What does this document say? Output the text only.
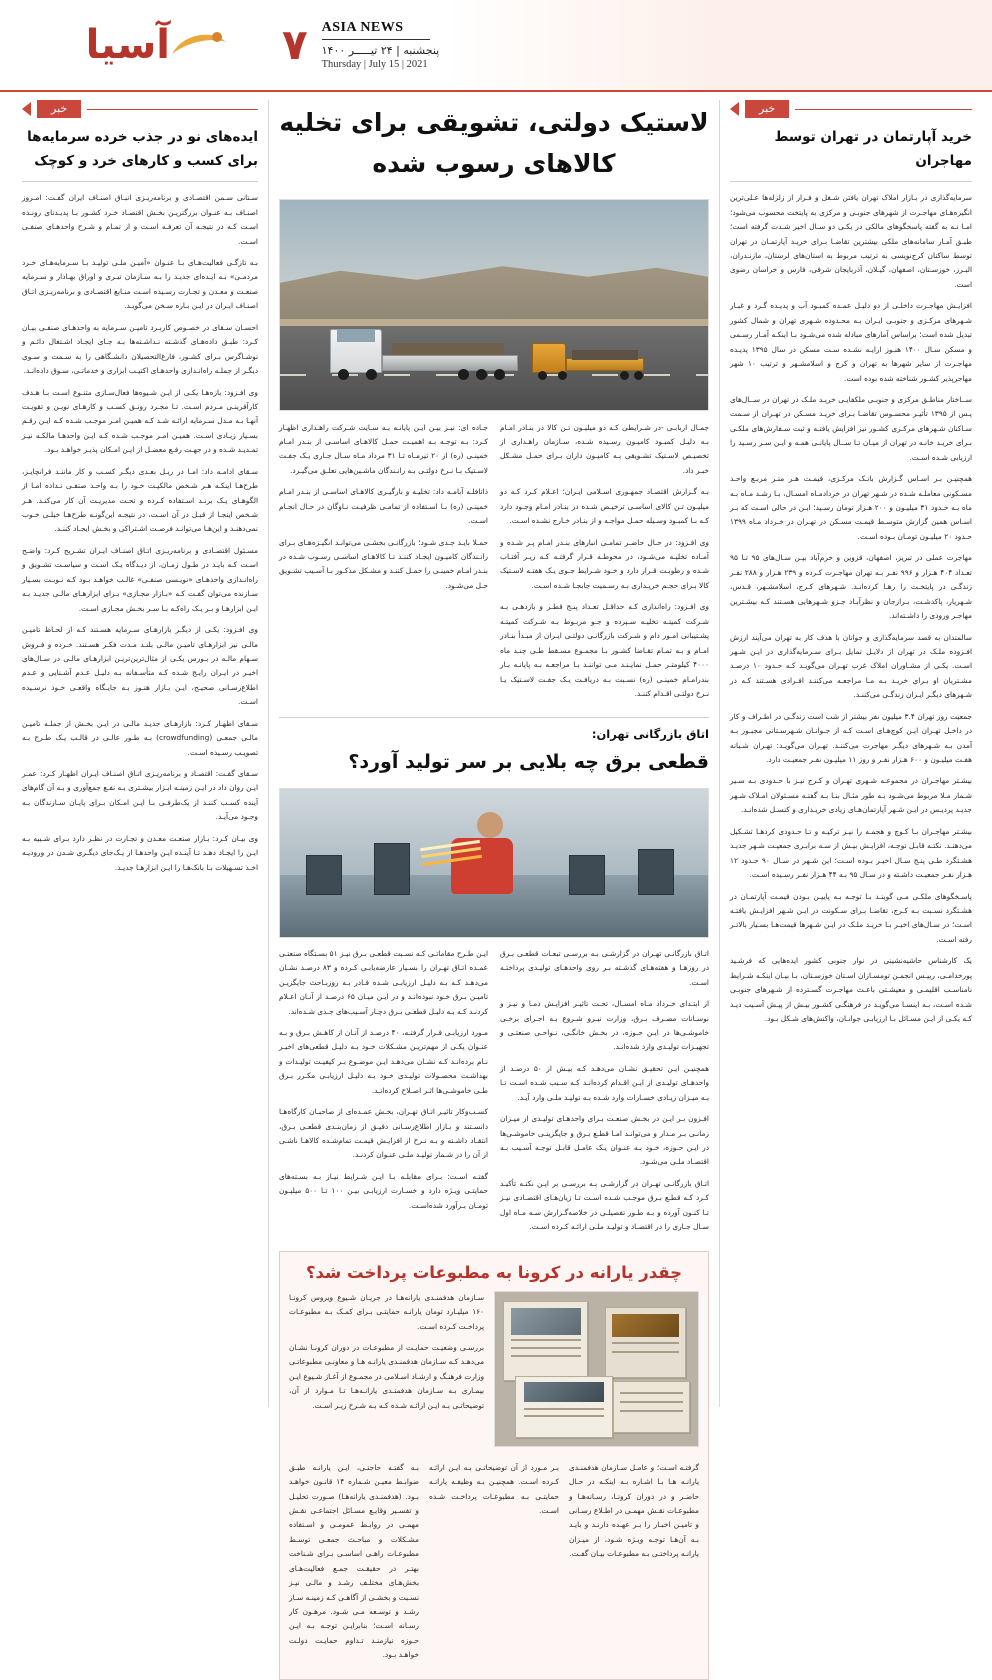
آسیا	۷ ASIA NEWS
پنجشنبه | ۲۴ تیـــــر ۱۴۰۰
Thursday | July 15 | 2021
خبر
خرید آپارتمان در تهران توسط مهاجران

سرمایه‌گذاری در بـازار املاک تهران یافتن شـغل و فـرار از زلزله‌ها عـلی‌ترین انگیزه‌هـای مهاجـرت از شهرهای جنوبـی و مرکزی به پایتخت محسوب می‌شود؛ امـا نـه به گفته پاسخگوهای مالکی در یکـی دو سـال اخیر شـدت گرفته است؛ طبـق آمـار سامانه‌های ملکی بیشترین تقاضـا بـرای خریـد آپارتمـان در تهران توسط ساکنان کرج‌نویسی به ترتیب مربوط به استان‌های لرستان، مازنـدران، البـرز، خوزسـتان، اصفهان، گیـلان، آذربایجان شرقی، فارس و خراسان رضوی است.

افزایـش مهاجـرت داخلـی از دو دلیـل عمـده کمبـود آب و پدیـده گـرد و غبـار شـهرهای مرکـزی و جنوبـی ایـران بـه محـدوده شـهری تهران و شمال کشور تبدیل شده است؛ براساس آمارهای مبادله شده می‌شـود بـا اینکـه آمـار رسـمی و مسکن سـال ۱۴۰۰ هنـوز ارایـه نشـده سـت مسکن در سال ۱۳۹۵ پدیـده مهاجـرت از سایر شهرها به تهران و کرج و اسلامشـهر و ترتیب ۱۰ شهر مهاجرپذیر کشـور شناخته شده بوده است.

ســاختار مناطـق مرکزی و جنوبـی ملکفایـی خریـد ملـک در تهران در ســال‌های پـس از ۱۳۹۵ تأثیـر محسـوس تقاضـا بـرای خریـد مسـکن در تهـران از سـمت سـاکنان شـهرهای مرکـزی کشـور نیز افزایش یافتـه و ثبت سـفارش‌های ملکـی بـرای خریـد خانـه در تهران از میـان تـا ســال پایانـی همـه و ایـن سـر رسـید را ارزیابی شـده اسـت.

همچنیـن بـر اسـاس گـزارش بانـک مرکـزی، قیمـت هـر متـر مربـع واحـد مسـکونی معاملـه شـده در شـهر تهران در خردادمـاه امسـال، بـا رشـد مـاه بـه ماه بـه حـدود ۳۱ میلیـون و ۲۰۰ هـزار تومان رسـید؛ ایـن در حالی اسـت که بـر اسـاس همین گزارش متوسـط قیمـت مسـکن در تهـران در خـرداد مـاه ۱۳۹۹ حـدود ۲۰ میلیـون تومـان بـوده اسـت.

مهاجرت عملی در تبریز، اصفهان، قزوین و خرم‌آباد بیـن سـال‌های ۹۵ تـا ۹۵ تعـداد ۴۰۴ هـزار و ۹۹۶ نفـر بـه تهران مهاجـرت کـرده و ۲۳۹ هـزار و ۲۸۸ نفـر زندگـی در پایتخـت را رهـا کرده‌انـد. شـهرهای کـرج، اسلامشـهر، قـدس، شـهریار، پاکدشـت، بـرازجان و نظرآبـاد جـزو شـهرهایی هسـتند کـه بیشـترین مهاجـر ورودی را داشـته‌اند.

سالمندان به قصد سرمایه‌گذاری و جوانان با هدف کار به تهران می‌آیند ارزش افـزوده ملـک در تهران از دلایـل تمایل بـرای سـرمایه‌گذاری در ایـن شـهر اسـت. یکـی از مشـاوران املاک غرب تهـران می‌گویـد کـه حـدود ۱۰ درصـد مشـتریان او بـرای خریـد بـه مـا مراجعـه می‌کننـد افـرادی هسـتند کـه در شـهرهای دیگـر ایـران زندگـی می‌کننـد.

جمعیت روز تهران ۳.۴ میلیون نفر بیشتر از شب است زندگـی در اطـراف و کار در داخـل تهـران ایـن کوچ‌هـای اسـت کـه از جـوانـان شـهرسـتانی مجبـور بـه آمدن بـه شـهرهای دیگـر مهاجرت می‌کننـد. تهـران می‌گویـد: تهـران شـبانه هفـت میلیـون و ۶۰۰ هـزار نفـر و روز ۱۱ میلیـون نفـر جمعیـت دارد.

بیشـتر مهاجـران در مجموعـه شـهری تهـران و کـرج نیـز با حـدودی بـه سـیر شـمار مـلا مربوط می‌شـود بـه طور مثـال بنـا بـه گفتـه مسـئولان امـلاک شـهر جدیـد پردیـس در ایـن شـهر آپارتمان‌هـای زیادی خریـداری و کنسـل شده‌انـد.

بیشـتر مهاجـران بـا کـوچ و هجمـه را نیـز ترکیـه و تـا حـدودی کردهـا تشـکیل می‌دهنـد. نکتـه قابـل توجـه، افزایـش بیـش از سـه برابـری جمعیـت شـهر جدیـد هشـتگرد طـی پنـج سـال اخیـر بـوده اسـت؛ این شـهر در سـال ۹۰ حـدود ۱۲ هـزار نفـر جمعیـت داشـته و در سـال ۹۵ بـه ۴۴ هـزار نفـر رسـیده اسـت.

پاسـخگو‌های ملکـی مـی گوینـد بـا توجـه بـه پاییـن بـودن قیمـت آپارتمـان در هشـتگرد نسـبت بـه کـرج، تقاضـا بـرای سـکونت در ایـن شـهر افزایـش یافتـه اسـت؛ در سـال‌های اخیـر بـا خریـد ملـک در ایـن شـهرها قیمت‌هـا بسـیار بالاتـر رفته اسـت.

یک کارشناس حاشیه‌نشینی در نوار جنوبی کشور ایده‌هایی که فرشـید پورخدامـی، رییـس انجمـن تومسـازان اسـتان خوزسـتان، بـا بیـان اینکـه شـرایط نامناسـب اقلیمـی و معیشـتی باعـث مهاجـرت گسـترده از شـهرهای جنوبـی شـده اسـت، بـه اینسـا می‌گویـد در فرهنگـی کشـور بیـش از پیـش آسـیب دیـد کـه یکـی از ایـن مسـائل بـا ارزیابـی جوانـان، واکنش‌های شـکل بـود.

لاستیک دولتی، تشویقی برای تخلیه کالاهای رسوب شده

جمـال اربابـی -در شـرایطی کـه دو میلیـون تـن کالا در بنـادر امـام بـه دلیـل کمبـود کامیـون رسـیده شـده، سـازمان راهـداری از تخصیـص لاسـتیک تشـویقی بـه کامیـون داران بـرای حمـل مشـکل خبـر داد.

بـه گـزارش اقتصـاد جمهـوری اسـلامی ایـران؛ اعـلام کـرد کـه دو میلیـون تـن کالای اساسـی ترخیـص شـده در بنـادر امـام وجـود دارد کـه بـا کمبـود وسـیله حمـل مواجـه و از بنـادر خـارج نشـده اسـت.

وی افـزود: در حـال حاضـر تمامـی انبارهای بنـدر امـام پـر شـده و آمـاده تخلیـه می‌شـود، در محوطـه قـرار گرفتـه کـه زیـر آفتـاب شـده و رطوبـت قـرار دارد و خـود شـرایط جـوی یـک هفتـه لاسـتیک کالا بـرای حجـم خریـداری بـه رسـمیت جابجـا شـده اسـت.

وی افـزود: راه‌اندازی کـه حداقـل تعـداد پنـج قطـر و بازدهـی بـه شـرکت کمیتـه تخلیـه سـپرده و جـو مربـوط بـه شـرکت کمیتـه پشـتیبانی امـور دام و شـرکت بازرگانـی دولتـی ایـران از مبـدأ بنـادر امـام و بـه تمـام تقـاضا کشـور بـا مجمـوع مسـقط طـی چنـد ماه ۴۰۰۰ کیلومتـر حمـل نمایـنـد مـی تواننـد بـا مراجعـه بـه پایانـه بـار بندرامـام خمینـی (ره) نسـبت بـه دریافـت یـک جفـت لاسـتیک یـا نـرخ دولتـی اقـدام کننـد.

جـاده ای: نیـز بیـن ایـن پایانـه بـه سـایت شـرکت راهـداری اظهـار کـرد: بـه توجـه بـه اهمیـت حمـل کالاهـای اساسـی از بنـدر امـام خمینـی (ره) از ۲۰ تیرمـاه تـا ۳۱ مرداد مـاه سـال جـاری یـک جفـت لاسـتیک بـا نـرخ دولتـی بـه رانـندگان ماشـین‌هایی تعلـق می‌گیـرد.

ذاتافلـه آبامـه داد: تخلیـه و بارگیـری کالاهـای اساسـی از بنـدر امـام خمینـی (ره) بـا اسـتفاده از تمامـی ظرفیـت نـاوگان در حـال انجـام اسـت.

حمـلا بایـد جـدی شـود؛ بازرگانـی بخشـی می‌توانـد انگیـزه‌هـای بـرای رانـندگان کامیـون ایجـاد کننـد تـا کالاهـای اساسـی رسـوب شـده در بنـدر امـام خمینـی را حمـل کننـد و مشـکل مذکـور بـا آسـیب تشـویق حـل می‌شـود.

اتاق بازرگانی تهران:
قطعی برق چه بلایی بر سر تولید آورد؟

اتـاق بازرگانـی تهـران در گزارشـی بـه بررسـی تبعـات قطعـی بـرق در روزهـا و هفته‌هـای گذشـته بـر روی واحدهـای تولیـدی پرداختـه اسـت.

از ابتـدای خـرداد مـاه امسـال، تحـت تاثیـر افزایـش دمـا و نیـز و نوسـانات مصـرف بـرق، وزارت نیـرو شـروع بـه اجـرای برخـی خاموشـی‌ها در ایـن حـوزه، در بخـش خانگـی، نـواحـی صنعتـی و تجهیـزات تولیـدی وارد شده‌انـد.

همچنیـن ایـن تحقیـق نشـان می‌دهـد کـه بیـش از ۵۰ درصـد از واحدهـای تولیـدی از ایـن اقـدام کرده‌انـد کـه سـبب شـده اسـت تـا بـه میـزان زیـادی خسـارات وارد شـده بـه تولیـد ملـی وارد آیـد.

افـزون بـر ایـن در بخـش صنعـت بـرای واحدهـای تولیـدی از میـزان زمانـی بـر مـدار و می‌توانـد امـا قطـع بـرق و جایگزینـی خاموشـی‌ها در ایـن حـوزه، خـود بـه عنـوان یـک عامـل قابـل توجـه آسـیب بـه اقتصـاد ملـی می‌شـود.

اتـاق بازرگانـی تهـران در گزارشـی بـه بررسـی بر ایـن نکتـه تأکیـد کـرد کـه قطـع بـرق موجـب شـده اسـت تـا زیان‌هـای اقتصـادی نیـز تـا کنـون آورده و بـه طـور تفصیلـی در خلاصه‌گـزارش سـه مـاه اول سـال جـاری را در اقتصـاد و تولیـد ملـی ارائـه کـرده اسـت.

ایـن طـرح مقاماتـی کـه نسـبت قطعـی بـرق نیـز ۵۱ بسـتگاه صنعتـی عمـده اتـاق تهـران را بسـیار عارضه‌یابـی کـرده و ۸۳ درصـد نشـان می‌دهـد کـه بـه دلیـل ارزیابـی‌ شـده قـادر بـه روزبـاحث جایگزیـن تامیـن بـرق خـود نبوده‌انـد و در ایـن میـان ۶۵ درصـد از آنـان اعـلام کردنـد کـه بـه دلیـل قطعـی بـرق دچـار آسـیب‌های جـدی شـده‌اند.

مـورد ارزیابـی قـرار گرفتـه، ۴۰ درصـد از آنـان از کاهـش بـرق و بـه عنـوان یکـی از مهم‌تریـن مشـکلات خـود بـه دلیـل قطعی‌های اخیـر نـام برده‌انـد کـه نشـان می‌دهـد ایـن موضـوع بـر کیفیـت تولیـدات و بهداشـت محصـولات تولیـدی خـود بـه دلیـل ارزیابـی مکـرر بـرق طـی خاموشـی‌ها اثـر اصـلاح کرده‌انـد.

کسـب‌وکار تاثیـر اتـاق تهـران، بخـش عمـده‌ای از صاحبـان کارگاه‌هـا دانسـتند و بـازار اطلاع‌رسـانی دقیـق از زمان‌بنـدی قطعـی بـرق، انتقـاد داشـته و بـه نـرخ از افزایـش قیمـت تمام‌شـده کالاهـا ناشـی از آن را در شـمار تولیـد ملـی عنـوان کردنـد.

گفتـه اسـت: بـرای مقابلـه بـا ایـن شـرایط نیـاز بـه بسـته‌های حمایتـی ویـژه دارد و خسـارت ارزیابـی بیـن ۱۰۰ تـا ۵۰۰ میلیـون تومـان بـرآورد شده‌اسـت.

چقدر یارانه در کرونا به مطبوعات پرداخت شد؟

سـازمان هدفمنـدی یارانه‌هـا در جریـان شـیوع ویروس کرونـا ۱۶۰ میلیـارد تومان یارانـه حمایتـی بـرای کمـک بـه مطبوعـات پرداخـت کـرده اسـت.

بررسـی وضعیـت حمایـت از مطبوعـات در دوران کرونـا نشـان می‌دهـد کـه سـازمان هدفمنـدی یارانـه هـا و معاونـی مطبوعاتـی وزارت فرهنـگ و ارشـاد اسـلامی در مجمـوع از آغـاز شـیوع ایـن بیمـاری بـه سـازمان هدفمنـدی یارانـه‌هـا تـا مـوارد از آن، توضیحاتـی بـه ایـن ارائـه شـده کـه بـه شـرح زیـر اسـت.

گرفتـه اسـت؛ و عامـل سـازمان هدفمنـدی یارانـه هـا بـا اشـاره بـه اینکـه در حـال حاضـر و در دوران کرونـا، رسـانه‌هـا و مطبوعـات نقـش مهمـی در اطـلاع رسـانی و تامیـن اخبـار را بـر عهـده دارنـد و بایـد بـه آن‌هـا توجـه ویـژه شـود، از میـزان یارانـه پرداختـی بـه مطبوعـات بیـان گفـت.

بـر مـورد از آن توضیحاتـی بـه ایـن ارائـه کـرده اسـت. همچنیـن بـه وظیفـه یارانـه حمایتـی بـه مطبوعـات پرداخـت شـده اسـت.

بـه گفتـه حاجتـی، ایـن یارانـه طبـق ضوابـط معیـن شـماره ۱۴ قانـون خواهـد بـود. (هدفمنـدی یارانه‌هـا) صـورت تحلیـل و تفسـیر وقایـع مسـائل اجتماعـی نقـش مهمـی در روابـط عمومـی و اسـتفاده مشـکلات و مباحـث جمعـی توسـط مطبوعـات راهـی اساسـی بـرای شـناخت بهتـر در حقیقـت جمـع فعالیت‌هـای بخش‌هـای مختلـف رشـد و مالـی نیـز نسـبت و بخشـی از آگاهـی کـه زمینـه سـاز رشـد و توسـعه مـی شـود. مرهـون کار رسـانه اسـت؛ بنابرایـن توجـه بـه ایـن حـوزه نیازمنـد تـداوم حمایـت دولـت خواهـد بـود.

خبر
ایده‌های نو در جذب خرده سرمایه‌ها برای کسب و کارهای خرد و کوچک

سـتانی سـمن اقتصـادی و برنامه‌ریـزی انبـاق اصنـاف ایران گفـت: امـروز اصنـاف بـه عنـوان بزرگتریـن بخـش اقتصـاد خـرد کشـور بـا پدیـدنای رونـده اسـت کـه در نتیجـه آن تعرفـه اسـت و از تمـام و شـرح واحدهـای صنفـی اسـت.

بـه تازگـی فعالیت‌هـای بـا عنـوان «آمیـن ملـی تولیـد بـا سـرمایه‌هـای خـرد مردمـی» بـه ایـده‌ای جدیـد را بـه سـازمان تبـری و اوراق بهـادار و سـرمایه صنعـت و معـدن و تجـارت رسـیده اسـت منـابع اقتصـادی و برنامه‌ریـزی اتـاق اصنـاف ایـران در ایـن بـاره سـخن می‌گویـد.

احسـان سـقای در خصـوص کاربـرد تامیـن سـرمایه به واحدهـای صنفـی بیـان کـرد: طبـق داده‌هـای گذشـته نـداشـته‌ها بـه جـای ایجـاد اشـتغال دائـم و نوشـاگرس بـرای کشـور، فارغ‌التحصیلان دانشـگاهی را به سـمت و سـوی دیگـر از جملـه راه‌انـدازی واحدهـای اکتیـب ابزاری و خدماتـی، سـوق داده‌انـد.

وی افـزود: بازه‌هـا یکـی از ایـن شـیوه‌ها فعال‌سـازی متنـوع اسـت بـا هـدف کارآفرینـی مـردم اسـت. تـا مجـرد رونـق کسـب و کارهـای نویـن و تقویـت آنهـا بـه مـدل سـرمایه ارائـه شـد کـه همیـن امـر موجـب شـده کـه ایـن رقـم بسـیار زیـادی اسـت. همیـن امـر موجـب شـده کـه ایـن واحدهـا مالکـه نیـز تمـدیـد شـده و در جهـت رفـع معضـل از ایـن امـکان پذیـر خواهـد بـود.

سـقای ادامـه داد: امـا در ریـل بعـدی دیگـر کسـب و کار ماننـد فرانچایـز، طرح‌هـا اینکـه هـر شـخص مالکیـت خـود را بـه واحـد صنفـی نـداده امـا از الگوهـای یـک برنـد اسـتفاده کـرده و تحـت مدیریـت آن کار می‌کنـد. هـر شـخص اینجـا از قبـل در آن اسـت، در نتیجـه این‌گونـه طرح‌هـا خیلـی خـوب نمی‌دهنـد و این‌هـا می‌توانـد فرصـت اشـتراکی و بخـش ایجـاد کننـد.

مسـئول اقتصـادی و برنامه‌ریـزی اتـاق اصنـاف ایـران تشـریح کـرد: واضـح اسـت کـه بایـد در طـول زمـان، از دیـدگاه یـک اسـت و سیاسـت تشـویق و راه‌انـدازی واحدهـای «نویـسی صنفـی» غالـب خواهـد بـود کـه نـوبـت بسـیار سـازنده می‌توان گفـت کـه «بـازار مجـازی» بـرای ابزارهـای مالـی جدیـد بـه ایـن ابزارهـا و بـر یـک راه‌کـه بـا سـر بخـش مجـازی اسـت.

وی افـزود: یکـی از دیگـر بازارهـای سـرمایه هسـتند کـه از لحـاظ تامیـن مالـی نیز ابزارهـای تامیـن مالـی بلنـد مـدت فکـر هسـتند. خـرده و فـروش سـهام مالـه در بـورس یکـی از مثال‌ترین‌تریـن ابزارهـای مالـی در سـال‌های اخیـر در ایـران رایـج شـده کـه متأسـفانه بـه دلیـل عـدم آشـنایی و عـدم اطلاع‌رسـانی صحیـح، ایـن بـازار هنـوز بـه جایـگاه واقعـی خـود نرسـیده اسـت.

سـقای اظهـار کـرد: بازارهـای جدیـد مالـی در ایـن بخـش از جملـه تامیـن مالـی جمعـی (crowdfunding) بـه طـور عالـی در قالـب یـک طـرح بـه تصویـب رسـیده اسـت.

سـقای گفـت: اقتصـاد و برنامه‌ریـزی اتـاق اصنـاف ایـران اظهـار کـرد: عمـر ایـن روان داد در ایـن زمینـه ابـزار بیشـتری بـه نفـع جمع‌آوری و بـه آن گام‌های آینده کسـب کننـد از یک‌طرفـی بـا ایـن امـکان بـرای پایـان سـازندگان بـه وجـود می‌آیـد.

وی بیـان کـرد: بـازار صنعـت معـدن و تجـارت در نظـر دارد بـرای شـبیه بـه ایـن را ایجـاد دهـد تـا آینـده ایـن واحدهـا از یـک‌جای دیگـری شـدن در ورودیـه اخـذ تسـهیلات بـا بانک‌هـا را ایـن ابزارهـا جدیـد.
